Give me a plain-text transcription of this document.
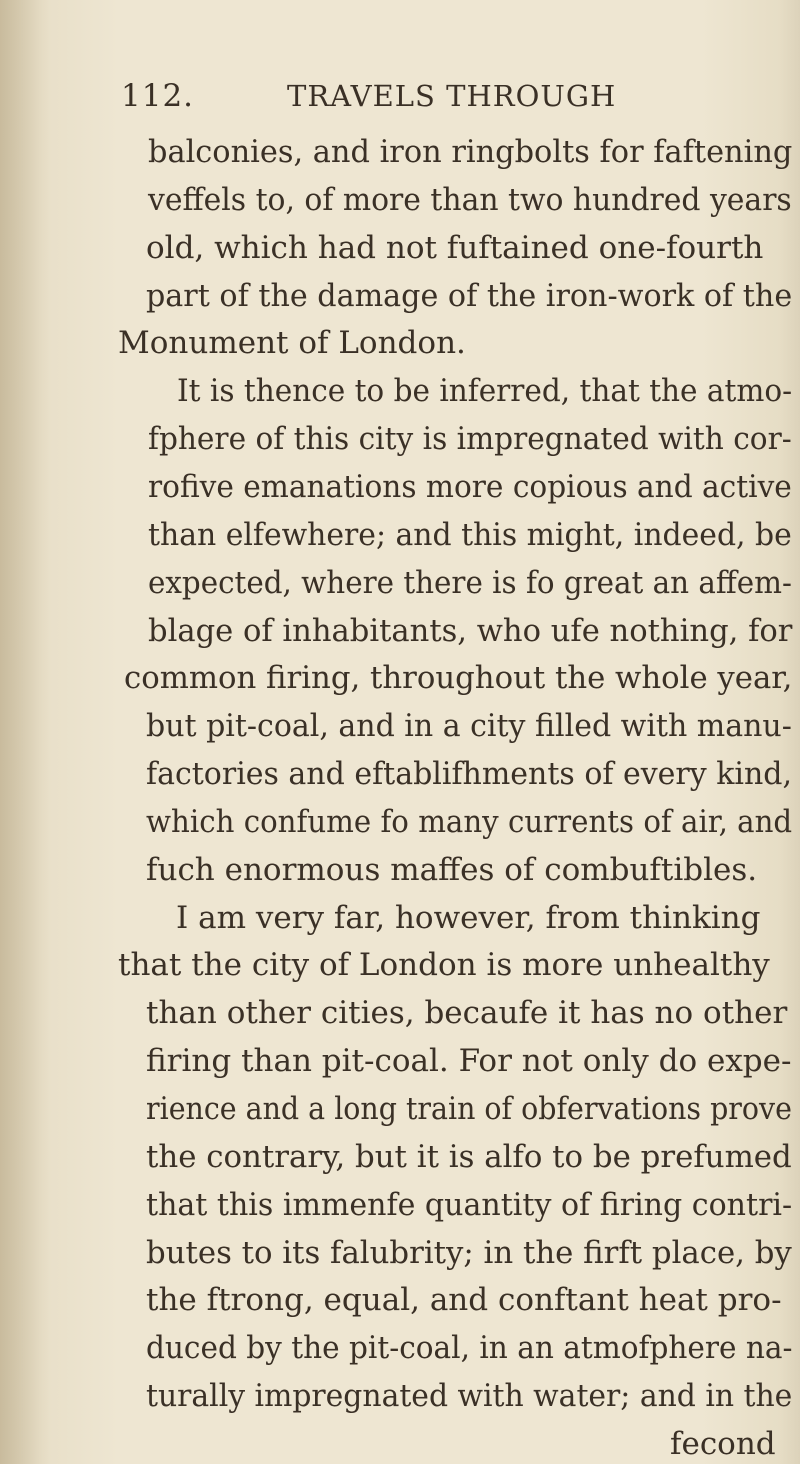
112.	TRAVELS THROUGH
balconies, and iron ringbolts for faftening
veffels to, of more than two hundred years
old, which had not fuftained one-fourth
part of the damage of the iron-work of the
Monument of London.
It is thence to be inferred, that the atmo-
fphere of this city is impregnated with cor-
rofive emanations more copious and active
than elfewhere; and this might, indeed, be
expected, where there is fo great an affem-
blage of inhabitants, who ufe nothing, for
common firing, throughout the whole year,
but pit-coal, and in a city filled with manu-
factories and eftablifhments of every kind,
which confume fo many currents of air, and
fuch enormous maffes of combuftibles.
I am very far, however, from thinking
that the city of London is more unhealthy
than other cities, becaufe it has no other
firing than pit-coal. For not only do expe-
rience and a long train of obfervations prove
the contrary, but it is alfo to be prefumed
that this immenfe quantity of firing contri-
butes to its falubrity; in the firft place, by
the ftrong, equal, and conftant heat pro-
duced by the pit-coal, in an atmofphere na-
turally impregnated with water; and in the
fecond
